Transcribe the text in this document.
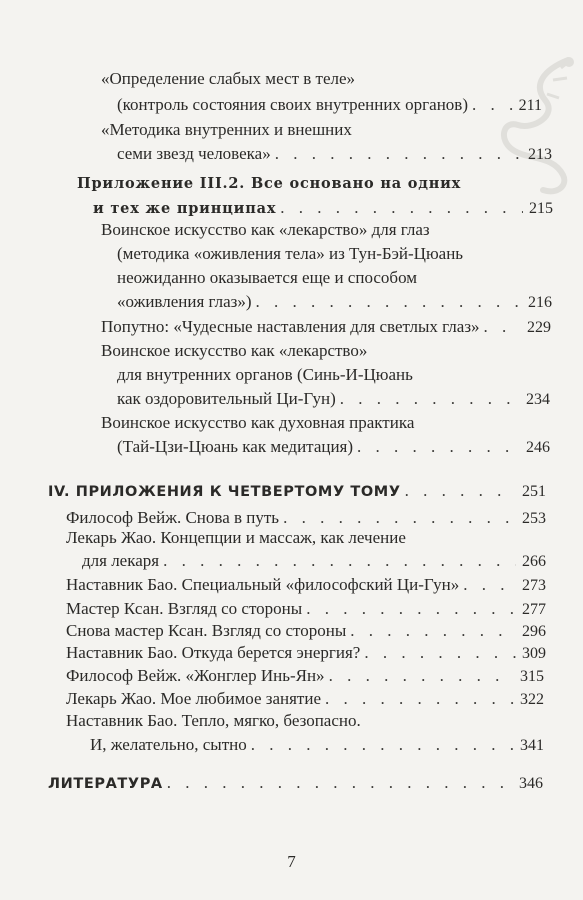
«Определение слабых мест в теле»
(контроль состояния своих внутренних органов) . . .	211
«Методика внутренних и внешних
семи звезд человека» . . .	213
Приложение III.2. Все основано на одних
и тех же принципах . . .	215
Воинское искусство как «лекарство» для глаз
(методика «оживления тела» из Тун-Бэй-Цюань
неожиданно оказывается еще и способом
«оживления глаз») . . .	216
Попутно: «Чудесные наставления для светлых глаз» . . .	229
Воинское искусство как «лекарство»
для внутренних органов (Синь-И-Цюань
как оздоровительный Ци-Гун) . . .	234
Воинское искусство как духовная практика
(Тай-Цзи-Цюань как медитация) . . .	246
IV. ПРИЛОЖЕНИЯ К ЧЕТВЕРТОМУ ТОМУ . . .	251
Философ Вейж. Снова в путь . . .	253
Лекарь Жао. Концепции и массаж, как лечение
для лекаря . . .	266
Наставник Бао. Специальный «философский Ци-Гун» . . .	273
Мастер Ксан. Взгляд со стороны . . .	277
Снова мастер Ксан. Взгляд со стороны . . .	296
Наставник Бао. Откуда берется энергия? . . .	309
Философ Вейж. «Жонглер Инь-Ян» . . .	315
Лекарь Жао. Мое любимое занятие . . .	322
Наставник Бао. Тепло, мягко, безопасно.
И, желательно, сытно . . .	341
ЛИТЕРАТУРА . . .	346
7
